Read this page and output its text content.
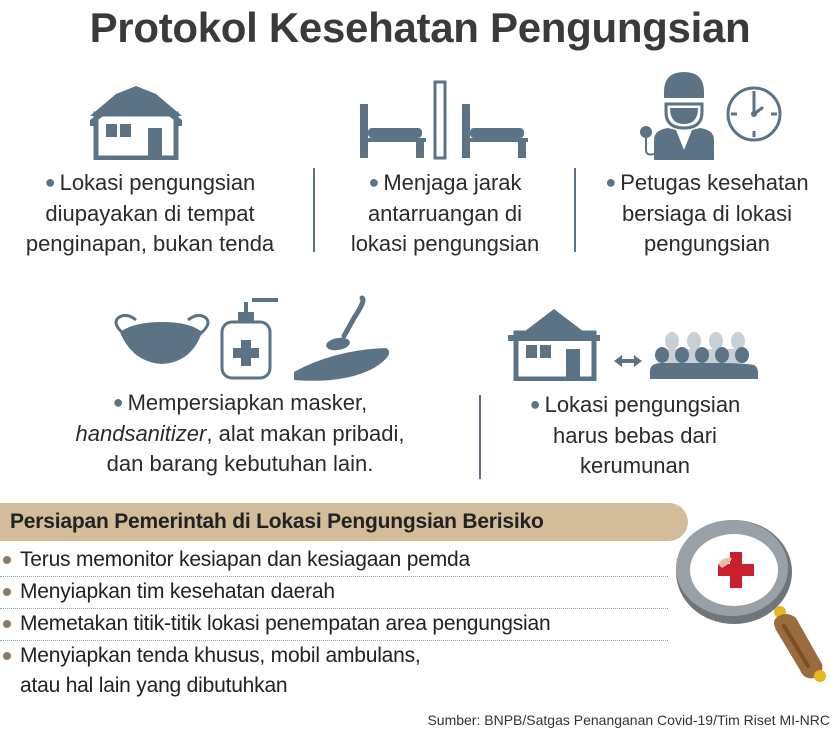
Protokol Kesehatan Pengungsian
● Lokasi pengungsian
diupayakan di tempat
penginapan, bukan tenda
● Menjaga jarak
antarruangan di
lokasi pengungsian
● Petugas kesehatan
bersiaga di lokasi
pengungsian
● Mempersiapkan masker,
handsanitizer, alat makan pribadi,
dan barang kebutuhan lain.
● Lokasi pengungsian
harus bebas dari
kerumunan
Persiapan Pemerintah di Lokasi Pengungsian Berisiko
Terus memonitor kesiapan dan kesiagaan pemda
Menyiapkan tim kesehatan daerah
Memetakan titik-titik lokasi penempatan area pengungsian
Menyiapkan tenda khusus, mobil ambulans,
atau hal lain yang dibutuhkan
Sumber: BNPB/Satgas Penanganan Covid-19/Tim Riset MI-NRC
